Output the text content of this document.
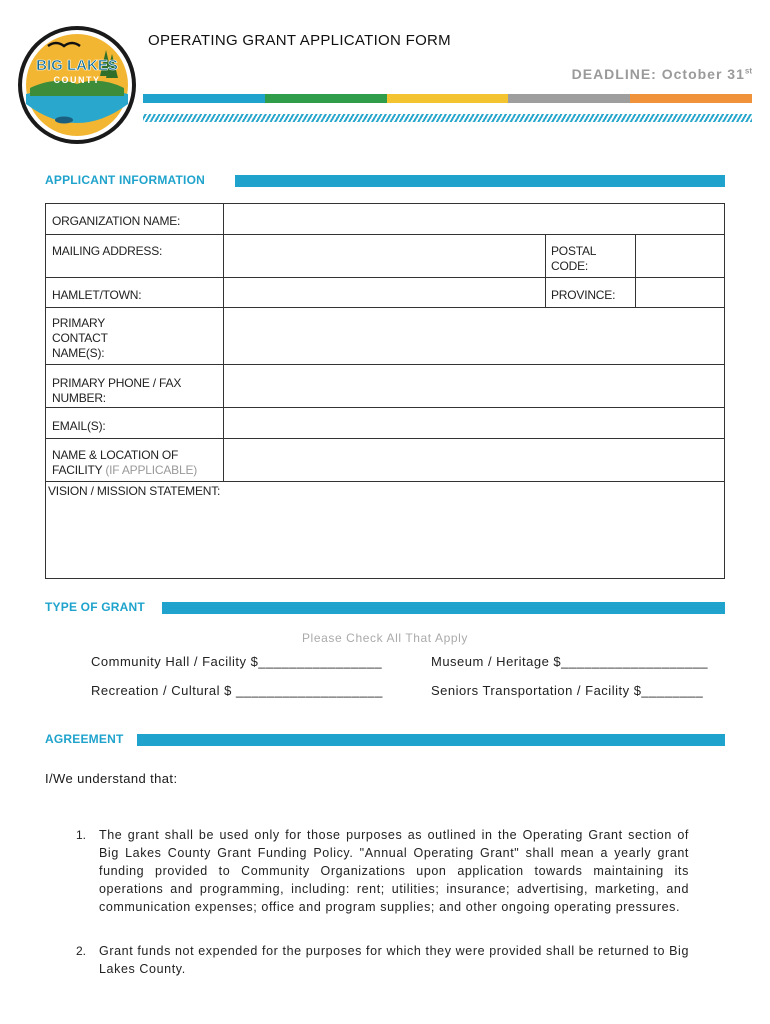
BIG LAKES
COUNTY
OPERATING GRANT APPLICATION FORM
DEADLINE: October 31st
APPLICANT INFORMATION
ORGANIZATION NAME:
MAILING ADDRESS:	POSTAL CODE:
HAMLET/TOWN:	PROVINCE:
PRIMARY CONTACT NAME(S):
PRIMARY PHONE / FAX NUMBER:
EMAIL(S):
NAME & LOCATION OF FACILITY (IF APPLICABLE)
VISION / MISSION STATEMENT:
TYPE OF GRANT
Please Check All That Apply
Community Hall / Facility $________________	Museum / Heritage $___________________
Recreation / Cultural $ ___________________	Seniors Transportation / Facility $________
AGREEMENT
I/We understand that:
1. The grant shall be used only for those purposes as outlined in the Operating Grant section of Big Lakes County Grant Funding Policy. "Annual Operating Grant" shall mean a yearly grant funding provided to Community Organizations upon application towards maintaining its operations and programming, including: rent; utilities; insurance; advertising, marketing, and communication expenses; office and program supplies; and other ongoing operating pressures.
2. Grant funds not expended for the purposes for which they were provided shall be returned to Big Lakes County.
